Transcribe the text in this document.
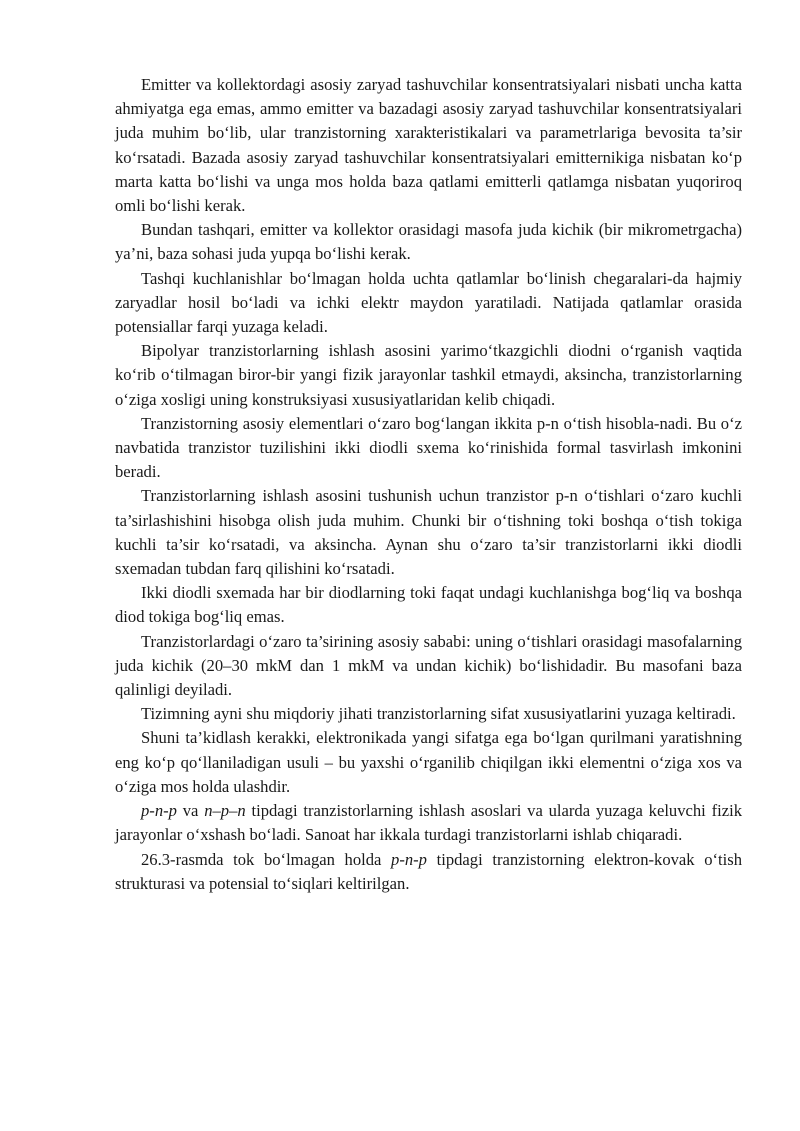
Emitter va kollektordagi asosiy zaryad tashuvchilar konsentratsiyalari nisbati uncha katta ahmiyatga ega emas, ammo emitter va bazadagi asosiy zaryad tashuvchilar konsentratsiyalari juda muhim bo‘lib, ular tranzistorning xarakteristikalari va parametrlariga bevosita ta’sir ko‘rsatadi. Bazada asosiy zaryad tashuvchilar konsentratsiyalari emitternikiga nisbatan ko‘p marta katta bo‘lishi va unga mos holda baza qatlami emitterli qatlamga nisbatan yuqoriroq omli bo‘lishi kerak.

Bundan tashqari, emitter va kollektor orasidagi masofa juda kichik (bir mikrometrgacha) ya’ni, baza sohasi juda yupqa bo‘lishi kerak.

Tashqi kuchlanishlar bo‘lmagan holda uchta qatlamlar bo‘linish chegaralari-da hajmiy zaryadlar hosil bo‘ladi va ichki elektr maydon yaratiladi. Natijada qatlamlar orasida potensiallar farqi yuzaga keladi.

Bipolyar tranzistorlarning ishlash asosini yarimo‘tkazgichli diodni o‘rganish vaqtida ko‘rib o‘tilmagan biror-bir yangi fizik jarayonlar tashkil etmaydi, aksincha, tranzistorlarning o‘ziga xosligi uning konstruksiyasi xususiyatlaridan kelib chiqadi.

Tranzistorning asosiy elementlari o‘zaro bog‘langan ikkita p-n o‘tish hisobla-nadi. Bu o‘z navbatida tranzistor tuzilishini ikki diodli sxema ko‘rinishida formal tasvirlash imkonini beradi.

Tranzistorlarning ishlash asosini tushunish uchun tranzistor p-n o‘tishlari o‘zaro kuchli ta’sirlashishini hisobga olish juda muhim. Chunki bir o‘tishning toki boshqa o‘tish tokiga kuchli ta’sir ko‘rsatadi, va aksincha. Aynan shu o‘zaro ta’sir tranzistorlarni ikki diodli sxemadan tubdan farq qilishini ko‘rsatadi.

Ikki diodli sxemada har bir diodlarning toki faqat undagi kuchlanishga bog‘liq va boshqa diod tokiga bog‘liq emas.

Tranzistorlardagi o‘zaro ta’sirining asosiy sababi: uning o‘tishlari orasidagi masofalarning juda kichik (20–30 mkM dan 1 mkM va undan kichik) bo‘lishidadir. Bu masofani baza qalinligi deyiladi.

Tizimning ayni shu miqdoriy jihati tranzistorlarning sifat xususiyatlarini yuzaga keltiradi.

Shuni ta’kidlash kerakki, elektronikada yangi sifatga ega bo‘lgan qurilmani yaratishning eng ko‘p qo‘llaniladigan usuli – bu yaxshi o‘rganilib chiqilgan ikki elementni o‘ziga xos va o‘ziga mos holda ulashdir.

p-n-p va n–p–n tipdagi tranzistorlarning ishlash asoslari va ularda yuzaga keluvchi fizik jarayonlar o‘xshash bo‘ladi. Sanoat har ikkala turdagi tranzistorlarni ishlab chiqaradi.

26.3-rasmda tok bo‘lmagan holda p-n-p tipdagi tranzistorning elektron-kovak o‘tish strukturasi va potensial to‘siqlari keltirilgan.
